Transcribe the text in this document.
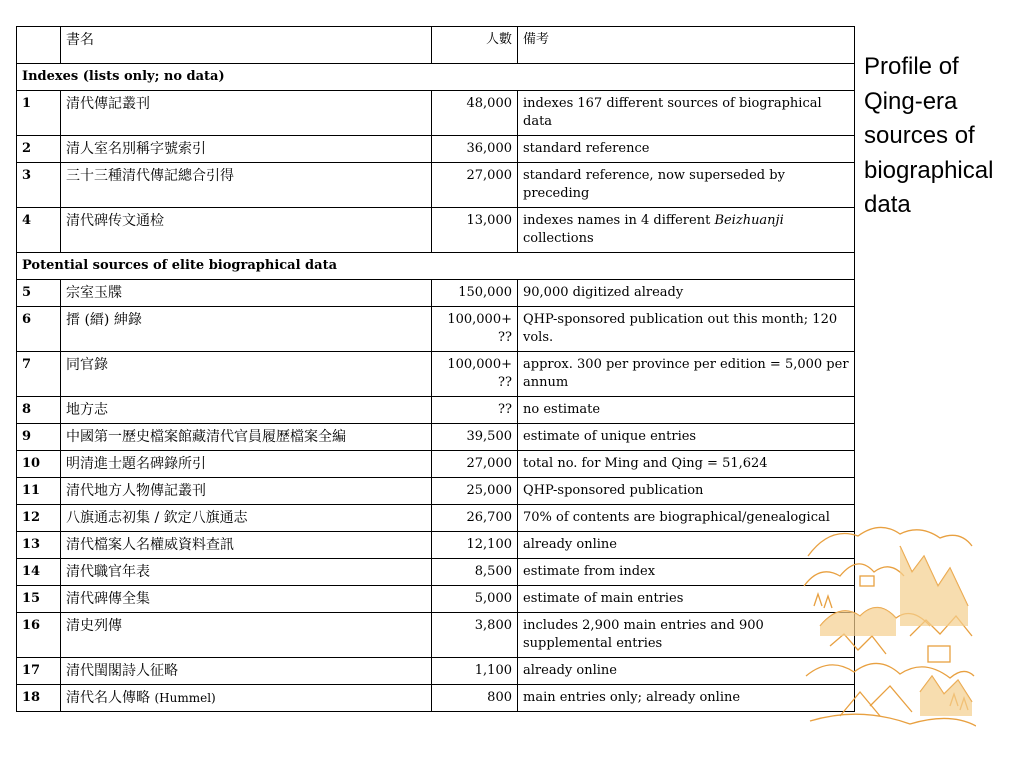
	書名	人數	備考
Indexes (lists only; no data)			
1	清代傳記叢刊	48,000	indexes 167 different sources of biographical data
2	清人室名別稱字號索引	36,000	standard reference
3	三十三種清代傳記總合引得	27,000	standard reference, now superseded by preceding
4	清代碑传文通检	13,000	indexes names in 4 different Beizhuanji collections
Potential sources of elite biographical data			
5	宗室玉牒	150,000	90,000 digitized already
6	搢 (縉) 紳錄	100,000+ ??	QHP-sponsored publication out this month; 120 vols.
7	同官錄	100,000+ ??	approx. 300 per province per edition = 5,000 per annum
8	地方志	??	no estimate
9	中國第一歷史檔案館藏清代官員履歷檔案全編	39,500	estimate of unique entries
10	明清進士題名碑錄所引	27,000	total no. for Ming and Qing = 51,624
11	清代地方人物傳記叢刊	25,000	QHP-sponsored publication
12	八旗通志初集 / 欽定八旗通志	26,700	70% of contents are biographical/genealogical
13	清代檔案人名權威資料查訊	12,100	already online
14	清代職官年表	8,500	estimate from index
15	清代碑傳全集	5,000	estimate of main entries
16	清史列傳	3,800	includes 2,900 main entries and 900 supplemental entries
17	清代閨閣詩人征略	1,100	already online
18	清代名人傳略 (Hummel)	800	main entries only; already online
Profile of Qing-era sources of biographical data
